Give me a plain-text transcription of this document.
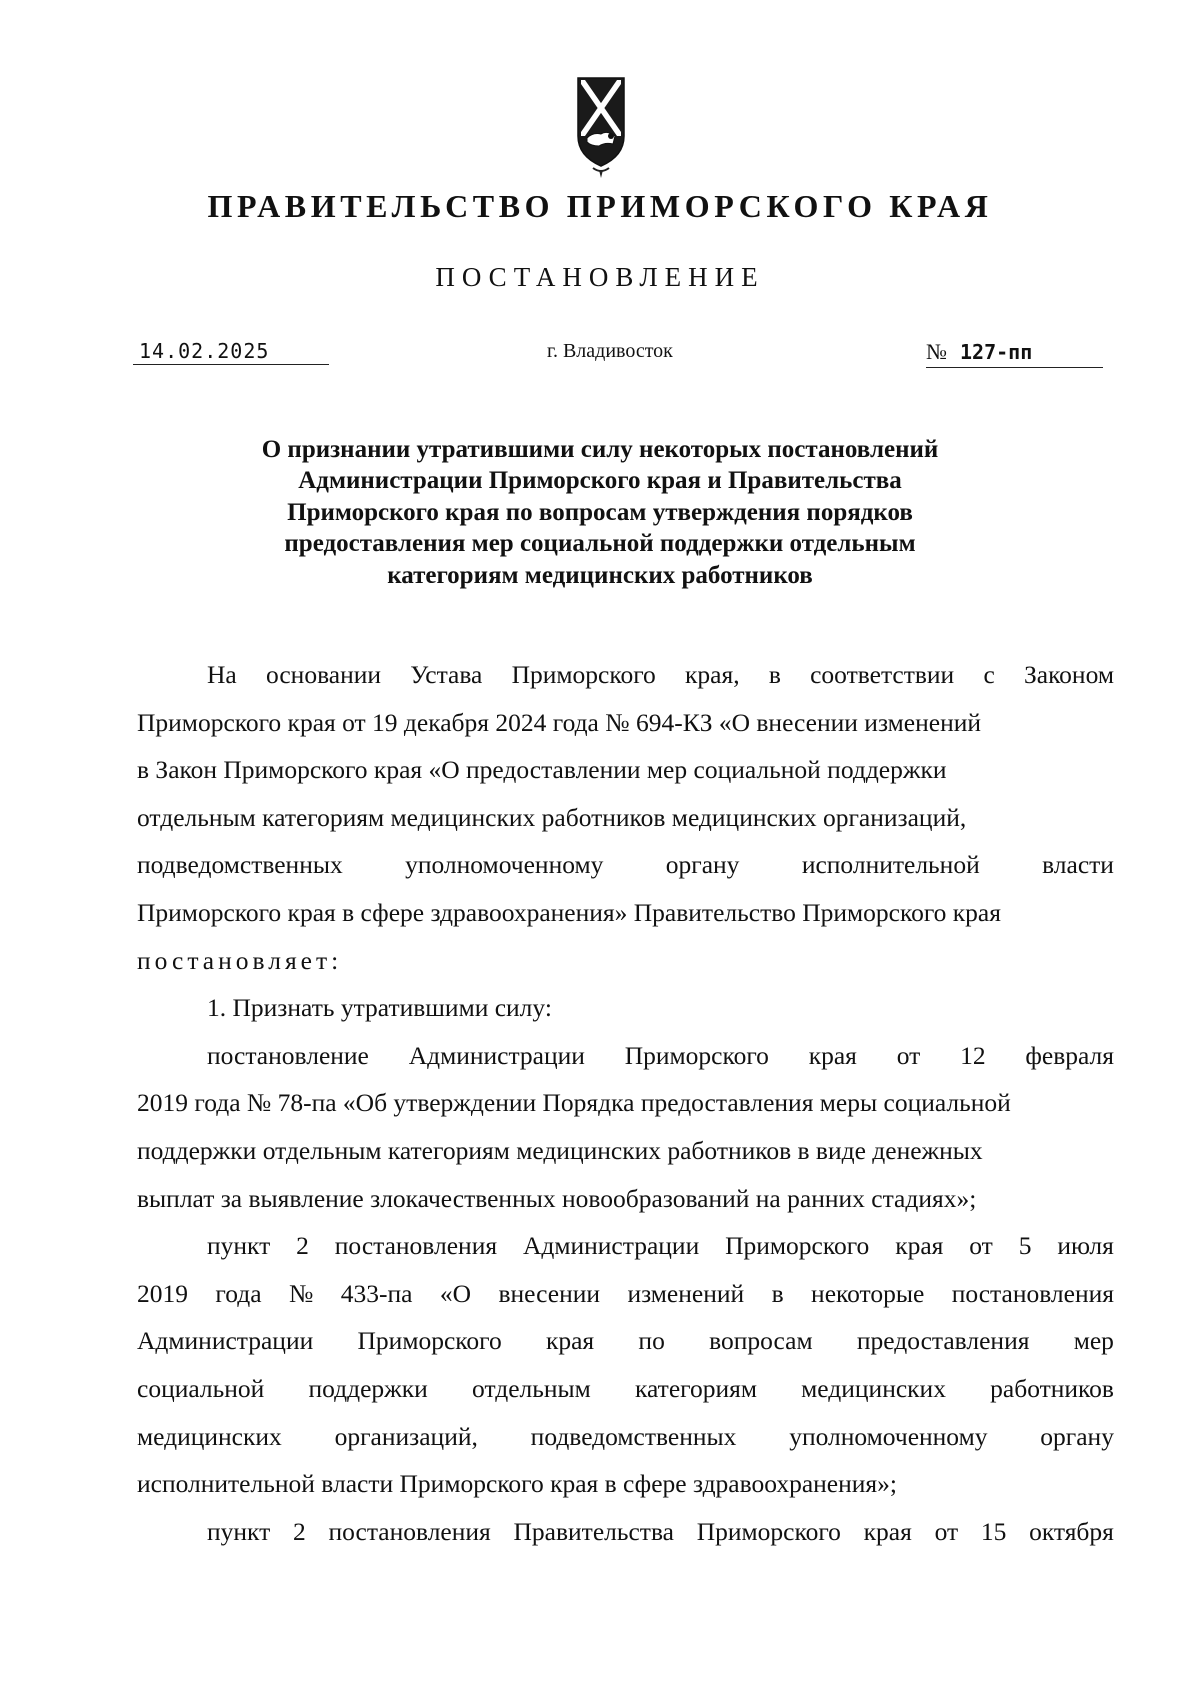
ПРАВИТЕЛЬСТВО ПРИМОРСКОГО КРАЯ
ПОСТАНОВЛЕНИЕ
14.02.2025	г. Владивосток	№ 127-пп
О признании утратившими силу некоторых постановлений
Администрации Приморского края и Правительства
Приморского края по вопросам утверждения порядков
предоставления мер социальной поддержки отдельным
категориям медицинских работников
На основании Устава Приморского края, в соответствии с Законом
Приморского края от 19 декабря 2024 года № 694-КЗ «О внесении изменений
в Закон Приморского края «О предоставлении мер социальной поддержки
отдельным категориям медицинских работников медицинских организаций,
подведомственных уполномоченному органу исполнительной власти
Приморского края в сфере здравоохранения» Правительство Приморского края
постановляет:
1. Признать утратившими силу:
постановление Администрации Приморского края от 12 февраля
2019 года № 78-па «Об утверждении Порядка предоставления меры социальной
поддержки отдельным категориям медицинских работников в виде денежных
выплат за выявление злокачественных новообразований на ранних стадиях»;
пункт 2 постановления Администрации Приморского края от 5 июля
2019 года № 433-па «О внесении изменений в некоторые постановления
Администрации Приморского края по вопросам предоставления мер
социальной поддержки отдельным категориям медицинских работников
медицинских организаций, подведомственных уполномоченному органу
исполнительной власти Приморского края в сфере здравоохранения»;
пункт 2 постановления Правительства Приморского края от 15 октября
